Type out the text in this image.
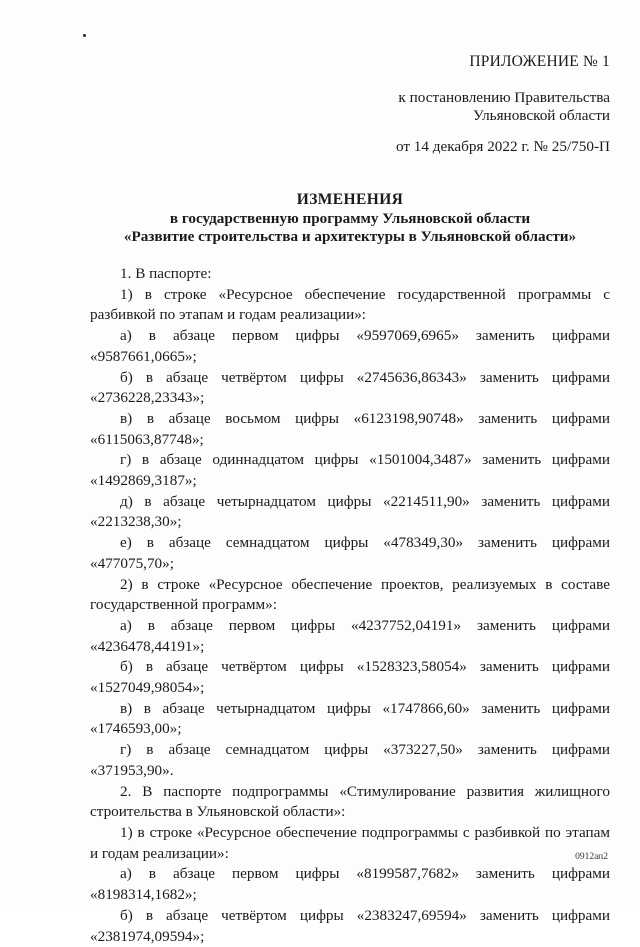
ПРИЛОЖЕНИЕ № 1
к постановлению Правительства
Ульяновской области
от 14 декабря 2022 г. № 25/750-П
ИЗМЕНЕНИЯ
в государственную программу Ульяновской области
«Развитие строительства и архитектуры в Ульяновской области»

1. В паспорте:

1) в строке «Ресурсное обеспечение государственной программы с разбивкой по этапам и годам реализации»:

а) в абзаце первом цифры «9597069,6965» заменить цифрами «9587661,0665»;

б) в абзаце четвёртом цифры «2745636,86343» заменить цифрами «2736228,23343»;

в) в абзаце восьмом цифры «6123198,90748» заменить цифрами «6115063,87748»;

г) в абзаце одиннадцатом цифры «1501004,3487» заменить цифрами «1492869,3187»;

д) в абзаце четырнадцатом цифры «2214511,90» заменить цифрами «2213238,30»;

е) в абзаце семнадцатом цифры «478349,30» заменить цифрами «477075,70»;

2) в строке «Ресурсное обеспечение проектов, реализуемых в составе государственной программ»:

а) в абзаце первом цифры «4237752,04191» заменить цифрами «4236478,44191»;

б) в абзаце четвёртом цифры «1528323,58054» заменить цифрами «1527049,98054»;

в) в абзаце четырнадцатом цифры «1747866,60» заменить цифрами «1746593,00»;

г) в абзаце семнадцатом цифры «373227,50» заменить цифрами «371953,90».

2. В паспорте подпрограммы «Стимулирование развития жилищного строительства в Ульяновской области»:

1) в строке «Ресурсное обеспечение подпрограммы с разбивкой по этапам и годам реализации»:

а) в абзаце первом цифры «8199587,7682» заменить цифрами «8198314,1682»;

б) в абзаце четвёртом цифры «2383247,69594» заменить цифрами «2381974,09594»;

0912ап2
